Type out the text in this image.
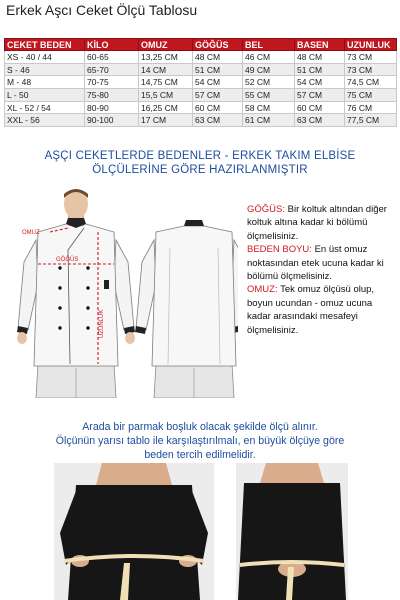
Erkek Aşcı Ceket Ölçü Tablosu
CEKET BEDEN	KİLO	OMUZ	GÖĞÜS	BEL	BASEN	UZUNLUK
XS - 40 / 44	60-65	13,25 CM	48 CM	46 CM	48 CM	73 CM
S - 46	65-70	14 CM	51 CM	49 CM	51 CM	73 CM
M - 48	70-75	14,75 CM	54 CM	52 CM	54 CM	74,5 CM
L - 50	75-80	15,5 CM	57 CM	55 CM	57 CM	75 CM
XL - 52 / 54	80-90	16,25 CM	60 CM	58 CM	60 CM	76 CM
XXL - 56	90-100	17 CM	63 CM	61 CM	63 CM	77,5 CM
AŞÇI CEKETLERDE BEDENLER - ERKEK TAKIM ELBİSE
ÖLÇÜLERİNE GÖRE HAZIRLANMIŞTIR
OMUZ
GÖĞÜS
UZUNLUK
GÖĞÜS: Bir koltuk altından diğer koltuk altına kadar ki bölümü ölçmelisiniz.
BEDEN BOYU: En üst omuz noktasından etek ucuna kadar ki bölümü ölçmelisiniz.
OMUZ: Tek omuz ölçüsü olup, boyun ucundan - omuz ucuna kadar arasındaki mesafeyi ölçmelisiniz.
Arada bir parmak boşluk olacak şekilde ölçü alınır.
Ölçünün yarısı tablo ile karşılaştırılmalı, en büyük ölçüye göre
beden tercih edilmelidir.
